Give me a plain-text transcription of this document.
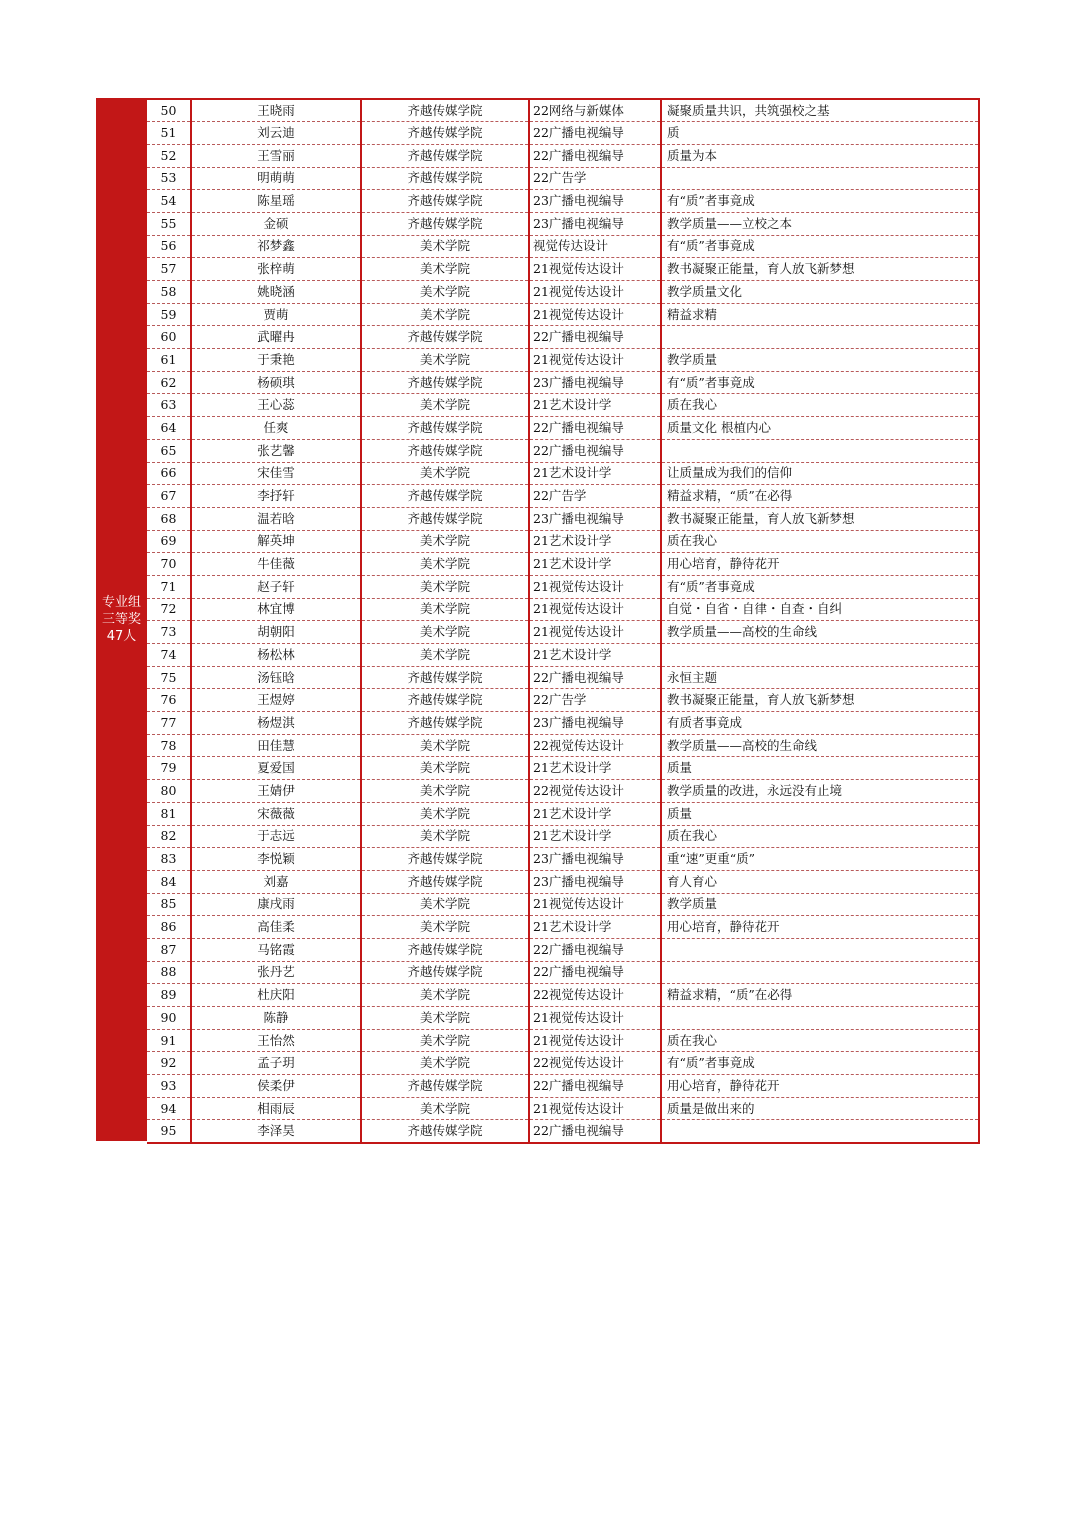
专业组
三等奖
47人
50	王晓雨	齐越传媒学院	22网络与新媒体	凝聚质量共识，共筑强校之基
51	刘云迪	齐越传媒学院	22广播电视编导	质
52	王雪丽	齐越传媒学院	22广播电视编导	质量为本
53	明萌萌	齐越传媒学院	22广告学	
54	陈星瑶	齐越传媒学院	23广播电视编导	有“质”者事竟成
55	金硕	齐越传媒学院	23广播电视编导	教学质量——立校之本
56	祁梦鑫	美术学院	视觉传达设计	有“质”者事竟成
57	张梓萌	美术学院	21视觉传达设计	教书凝聚正能量，育人放飞新梦想
58	姚晓涵	美术学院	21视觉传达设计	教学质量文化
59	贾萌	美术学院	21视觉传达设计	精益求精
60	武曜冉	齐越传媒学院	22广播电视编导	
61	于秉艳	美术学院	21视觉传达设计	教学质量
62	杨硕琪	齐越传媒学院	23广播电视编导	有“质”者事竟成
63	王心蕊	美术学院	21艺术设计学	质在我心
64	任爽	齐越传媒学院	22广播电视编导	质量文化 根植内心
65	张艺馨	齐越传媒学院	22广播电视编导	
66	宋佳雪	美术学院	21艺术设计学	让质量成为我们的信仰
67	李抒轩	齐越传媒学院	22广告学	精益求精，“质”在必得
68	温若晗	齐越传媒学院	23广播电视编导	教书凝聚正能量，育人放飞新梦想
69	解英坤	美术学院	21艺术设计学	质在我心
70	牛佳薇	美术学院	21艺术设计学	用心培育，静待花开
71	赵子轩	美术学院	21视觉传达设计	有“质”者事竟成
72	林宜博	美术学院	21视觉传达设计	自觉・自省・自律・自查・自纠
73	胡朝阳	美术学院	21视觉传达设计	教学质量——高校的生命线
74	杨松林	美术学院	21艺术设计学	
75	汤钰晗	齐越传媒学院	22广播电视编导	永恒主题
76	王煜婷	齐越传媒学院	22广告学	教书凝聚正能量，育人放飞新梦想
77	杨煜淇	齐越传媒学院	23广播电视编导	有质者事竟成
78	田佳慧	美术学院	22视觉传达设计	教学质量——高校的生命线
79	夏爱国	美术学院	21艺术设计学	质量
80	王婧伊	美术学院	22视觉传达设计	教学质量的改进，永远没有止境
81	宋薇薇	美术学院	21艺术设计学	质量
82	于志远	美术学院	21艺术设计学	质在我心
83	李悦颖	齐越传媒学院	23广播电视编导	重“速”更重“质”
84	刘嘉	齐越传媒学院	23广播电视编导	育人育心
85	康戌雨	美术学院	21视觉传达设计	教学质量
86	高佳柔	美术学院	21艺术设计学	用心培育，静待花开
87	马铭霞	齐越传媒学院	22广播电视编导	
88	张丹艺	齐越传媒学院	22广播电视编导	
89	杜庆阳	美术学院	22视觉传达设计	精益求精，“质”在必得
90	陈静	美术学院	21视觉传达设计	
91	王怡然	美术学院	21视觉传达设计	质在我心
92	孟子玥	美术学院	22视觉传达设计	有“质”者事竟成
93	侯柔伊	齐越传媒学院	22广播电视编导	用心培育，静待花开
94	相雨辰	美术学院	21视觉传达设计	质量是做出来的
95	李泽昊	齐越传媒学院	22广播电视编导	
